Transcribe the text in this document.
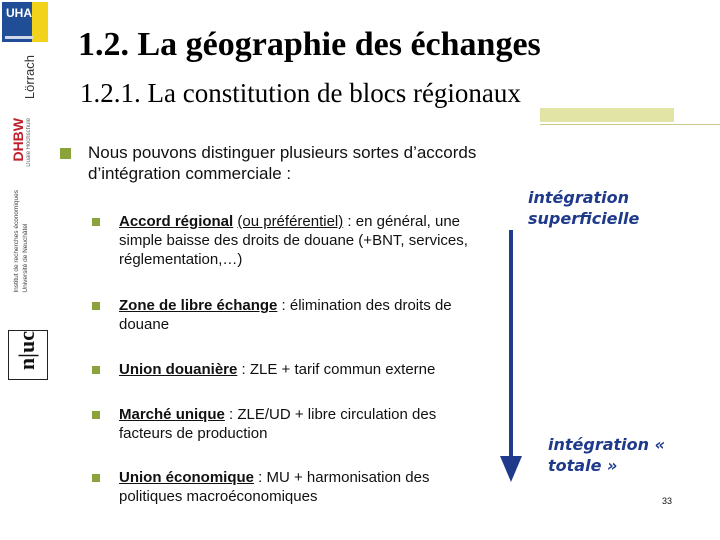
UHA
Lörrach
DHBW Duale Hochschule
Institut de recherches économiques Université de Neuchâtel
n|uc
1.2. La géographie des échanges
1.2.1. La constitution de blocs régionaux
Nous pouvons distinguer plusieurs sortes d’accords d’intégration commerciale :
Accord régional (ou préférentiel) : en général, une simple baisse des droits de douane (+BNT, services, réglementation,…)
Zone de libre échange : élimination des droits de douane
Union douanière : ZLE + tarif commun externe
Marché unique : ZLE/UD + libre circulation des facteurs de production
Union économique : MU + harmonisation des politiques macroéconomiques
intégration superficielle
intégration « totale »
33
